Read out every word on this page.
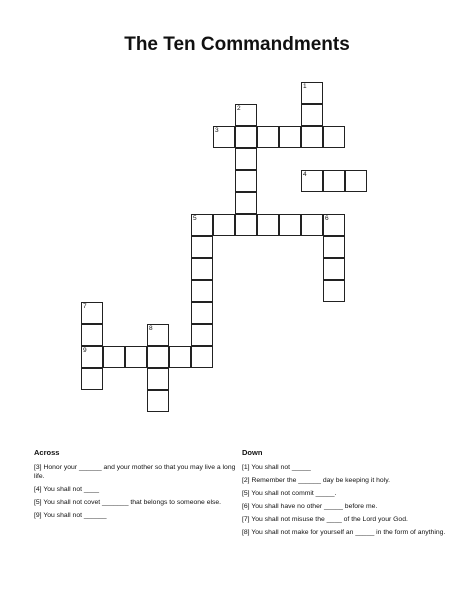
The Ten Commandments
1
2
3
4
5	6
7
8
9
Across
[3] Honor your ______ and your mother so that you may live a long life.
[4] You shall not ____
[5] You shall not covet _______ that belongs to someone else.
[9] You shall not ______
Down
[1] You shall not _____
[2] Remember the ______ day be keeping it holy.
[5] You shall not commit _____.
[6] You shall have no other _____ before me.
[7] You shall not misuse the ____ of the Lord your God.
[8] You shall not make for yourself an _____ in the form of anything.
